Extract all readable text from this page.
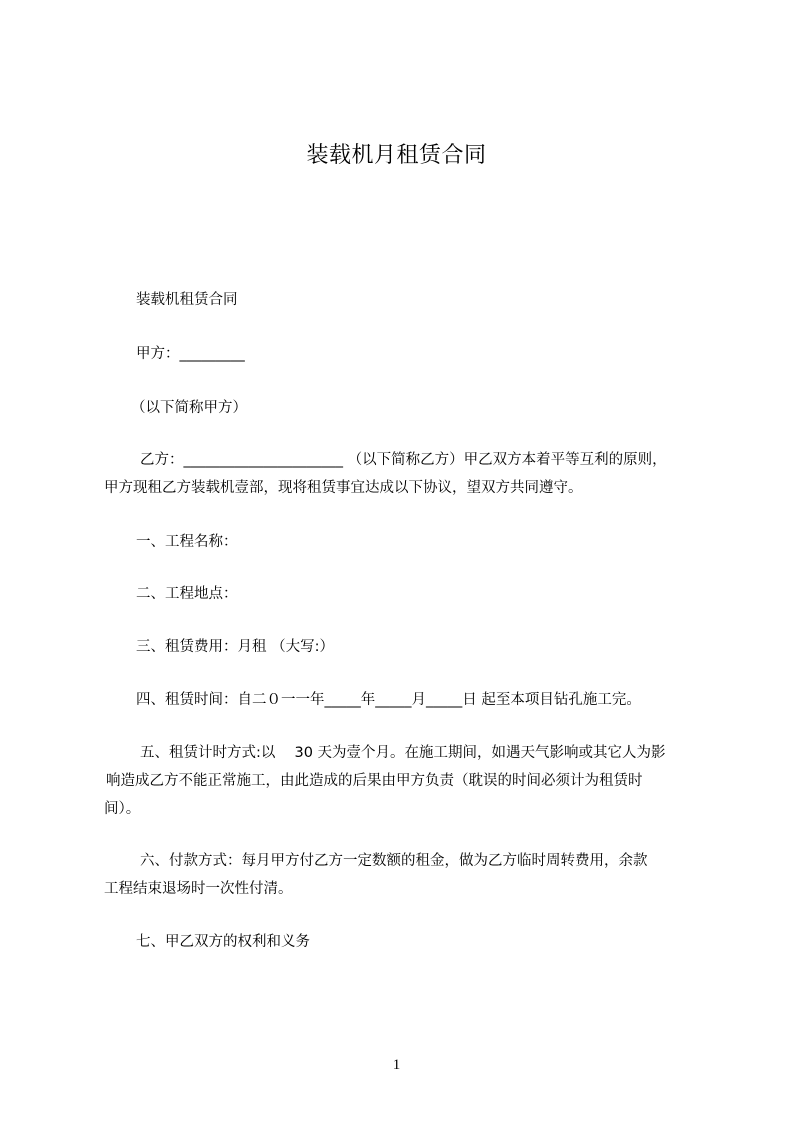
装载机月租赁合同
装载机租赁合同
甲方：_________
（以下简称甲方）
乙方：______________________ （以下简称乙方）甲乙双方本着平等互利的原则，
甲方现租乙方装载机壹部，现将租赁事宜达成以下协议，望双方共同遵守。
一、工程名称：
二、工程地点：
三、租赁费用：月租 （大写:）
四、租赁时间：自二０一一年_____年_____月_____日 起至本项目钻孔施工完。
五、租赁计时方式:以 　30 天为壹个月。在施工期间，如遇天气影响或其它人为影
响造成乙方不能正常施工，由此造成的后果由甲方负责（耽误的时间必须计为租赁时
间）。
六、付款方式：每月甲方付乙方一定数额的租金，做为乙方临时周转费用，余款
工程结束退场时一次性付清。
七、甲乙双方的权利和义务
1
